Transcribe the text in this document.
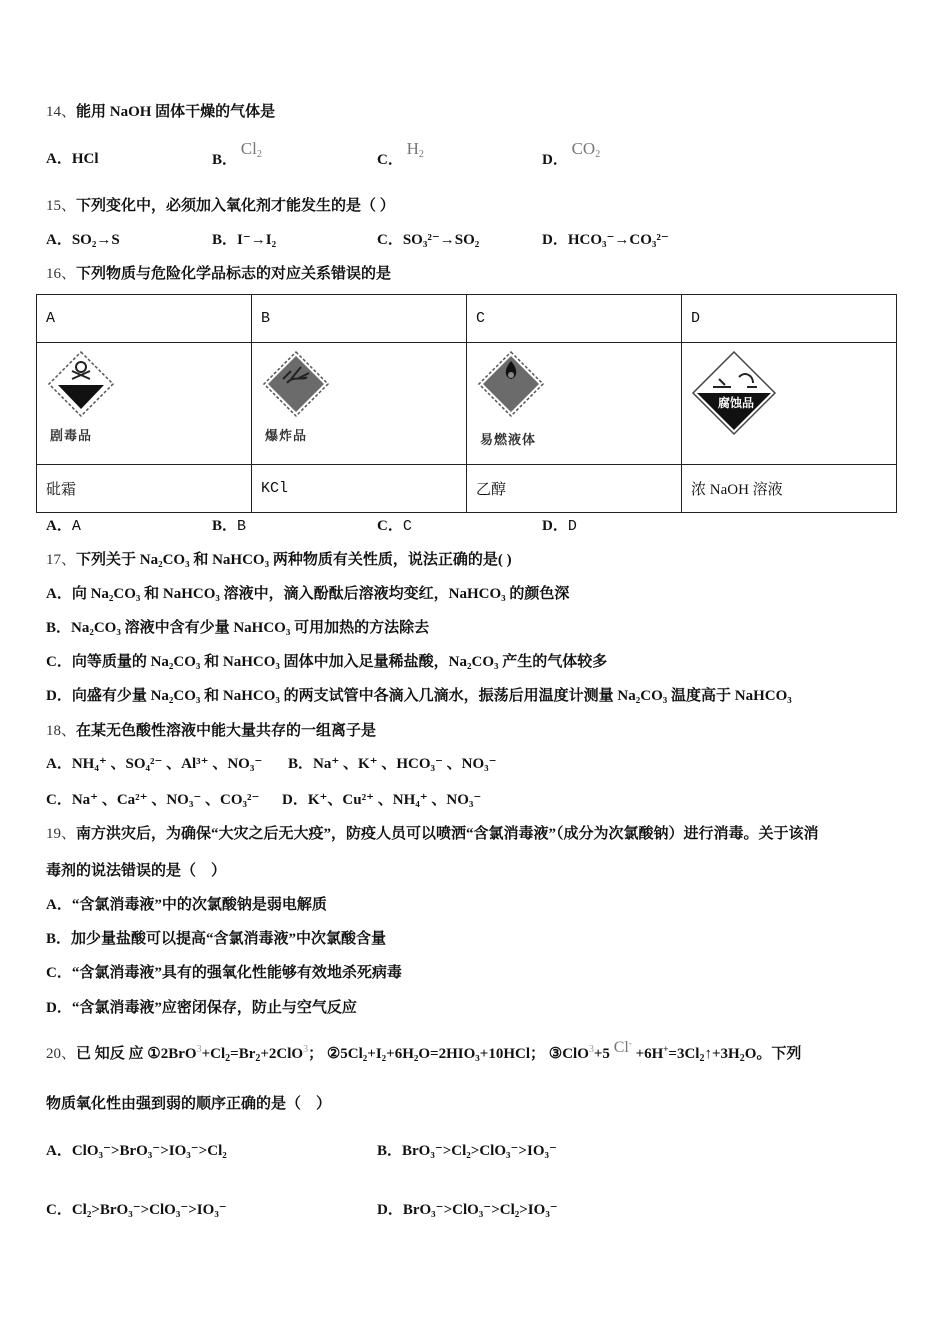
14、能用 NaOH 固体干燥的气体是
A．HCl	B． $Cl_2$	C． $H_2$	D． $CO_2$
15、下列变化中，必须加入氧化剂才能发生的是（ ）
A．SO₂→S	B．I⁻→I₂	C．SO₃²⁻→SO₂	D．HCO₃⁻→CO₃²⁻
16、下列物质与危险化学品标志的对应关系错误的是
A	B	C	D

剧毒品	爆炸品	易燃液体	腐蚀品

砒霜	KCl	乙醇	浓 NaOH 溶液
A．A	B．B	C．C	D．D
17、下列关于 Na₂CO₃ 和 NaHCO₃ 两种物质有关性质，说法正确的是( )
A．向 Na₂CO₃ 和 NaHCO₃ 溶液中，滴入酚酞后溶液均变红，NaHCO₃ 的颜色深
B．Na₂CO₃ 溶液中含有少量 NaHCO₃ 可用加热的方法除去
C．向等质量的 Na₂CO₃ 和 NaHCO₃ 固体中加入足量稀盐酸，Na₂CO₃ 产生的气体较多
D．向盛有少量 Na₂CO₃ 和 NaHCO₃ 的两支试管中各滴入几滴水，振荡后用温度计测量 Na₂CO₃ 温度高于 NaHCO₃
18、在某无色酸性溶液中能大量共存的一组离子是
A．NH₄⁺ 、SO₄²⁻ 、Al³⁺ 、NO₃⁻ B．Na⁺ 、K⁺ 、HCO₃⁻ 、NO₃⁻
C．Na⁺ 、Ca²⁺ 、NO₃⁻ 、CO₃²⁻ D．K⁺、Cu²⁺ 、NH₄⁺ 、NO₃⁻
19、南方洪灾后，为确保“大灾之后无大疫”，防疫人员可以喷洒“含氯消毒液”（成分为次氯酸钠）进行消毒。关于该消
毒剂的说法错误的是（　）
A．“含氯消毒液”中的次氯酸钠是弱电解质
B．加少量盐酸可以提高“含氯消毒液”中次氯酸含量
C．“含氯消毒液”具有的强氧化性能够有效地杀死病毒
D．“含氯消毒液”应密闭保存，防止与空气反应
20、已 知反 应 $①2BrO^3+Cl_2=Br_2+2ClO^3$； ②5Cl₂+I₂+6H₂O=2HIO₃+10HCl； ③ClO$^3$+5 $Cl^- +6H^+=3Cl_2↑+3H_2O$。下列
物质氧化性由强到弱的顺序正确的是（　）
A．ClO₃⁻>BrO₃⁻>IO₃⁻>Cl₂	B．BrO₃⁻>Cl₂>ClO₃⁻>IO₃⁻
C．Cl₂>BrO₃⁻>ClO₃⁻>IO₃⁻	D．BrO₃⁻>ClO₃⁻>Cl₂>IO₃⁻
